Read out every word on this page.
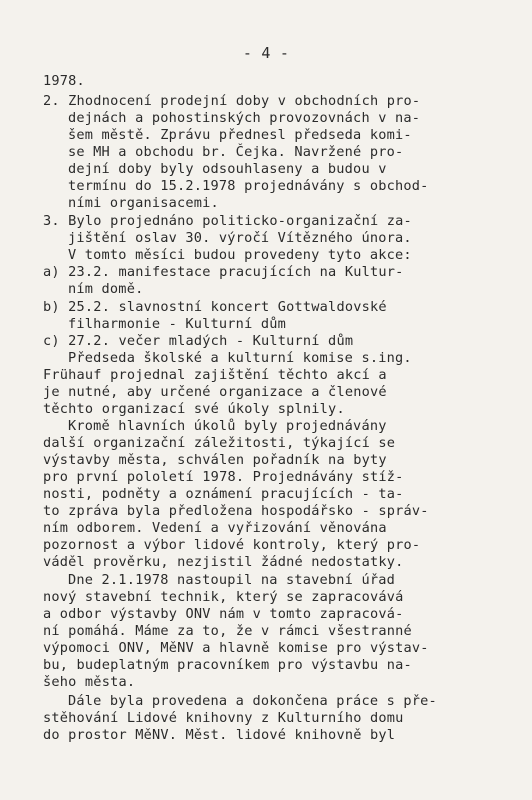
- 4 -
1978.
2. Zhodnocení prodejní doby v obchodních pro-
dejnách a pohostinských provozovnách v na-
šem městě. Zprávu přednesl předseda komi-
se MH a obchodu br. Čejka. Navržené pro-
dejní doby byly odsouhlaseny a budou v
termínu do 15.2.1978 projednávány s obchod-
ními organisacemi.
3. Bylo projednáno politicko-organizační za-
jištění oslav 30. výročí Vítězného února.
V tomto měsíci budou provedeny tyto akce:
a) 23.2. manifestace pracujících na Kultur-
ním domě.
b) 25.2. slavnostní koncert Gottwaldovské
filharmonie - Kulturní dům
c) 27.2. večer mladých - Kulturní dům
Předseda školské a kulturní komise s.ing.
Frühauf projednal zajištění těchto akcí a
je nutné, aby určené organizace a členové
těchto organizací své úkoly splnily.
Kromě hlavních úkolů byly projednávány
další organizační záležitosti, týkající se
výstavby města, schválen pořadník na byty
pro první pololetí 1978. Projednávány stíž-
nosti, podněty a oznámení pracujících - ta-
to zpráva byla předložena hospodářsko - správ-
ním odborem. Vedení a vyřizování věnována
pozornost a výbor lidové kontroly, který pro-
váděl prověrku, nezjistil žádné nedostatky.
Dne 2.1.1978 nastoupil na stavební úřad
nový stavební technik, který se zapracovává
a odbor výstavby ONV nám v tomto zapracová-
ní pomáhá. Máme za to, že v rámci všestranné
výpomoci ONV, MěNV a hlavně komise pro výstav-
bu, budeplatným pracovníkem pro výstavbu na-
šeho města.
Dále byla provedena a dokončena práce s pře-
stěhování Lidové knihovny z Kulturního domu
do prostor MěNV. Měst. lidové knihovně byl
